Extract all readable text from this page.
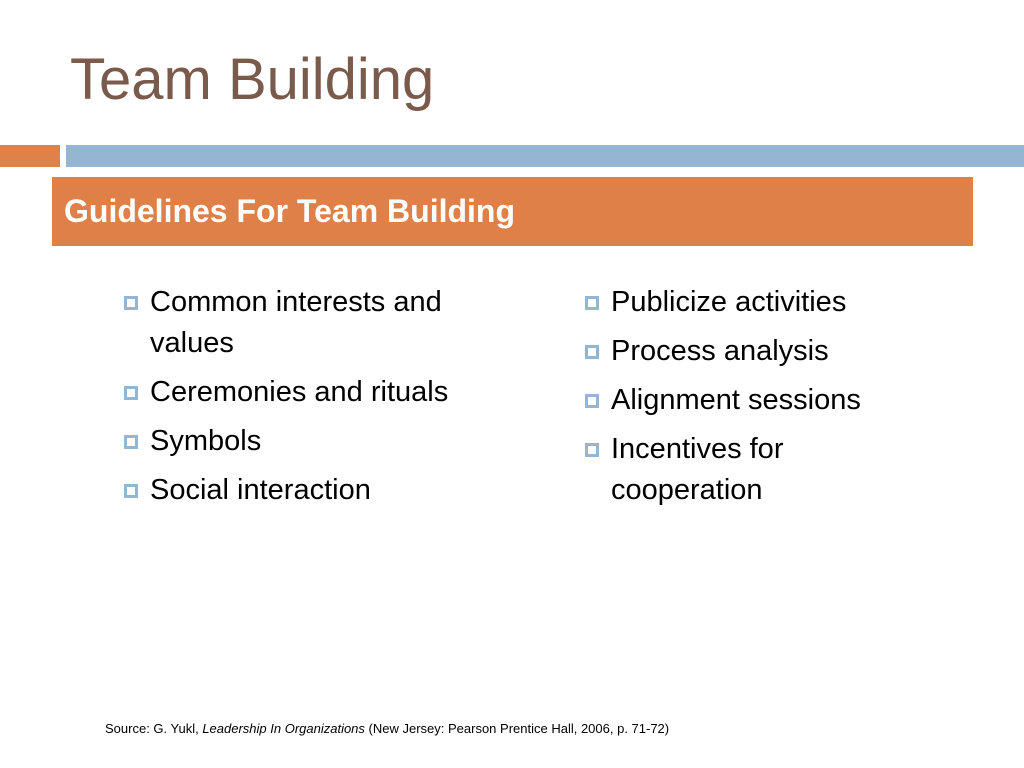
Team Building
Guidelines For Team Building
Common interests and values
Ceremonies and rituals
Symbols
Social interaction
Publicize activities
Process analysis
Alignment sessions
Incentives for cooperation

Source: G. Yukl, Leadership In Organizations (New Jersey: Pearson Prentice Hall, 2006, p. 71-72)
